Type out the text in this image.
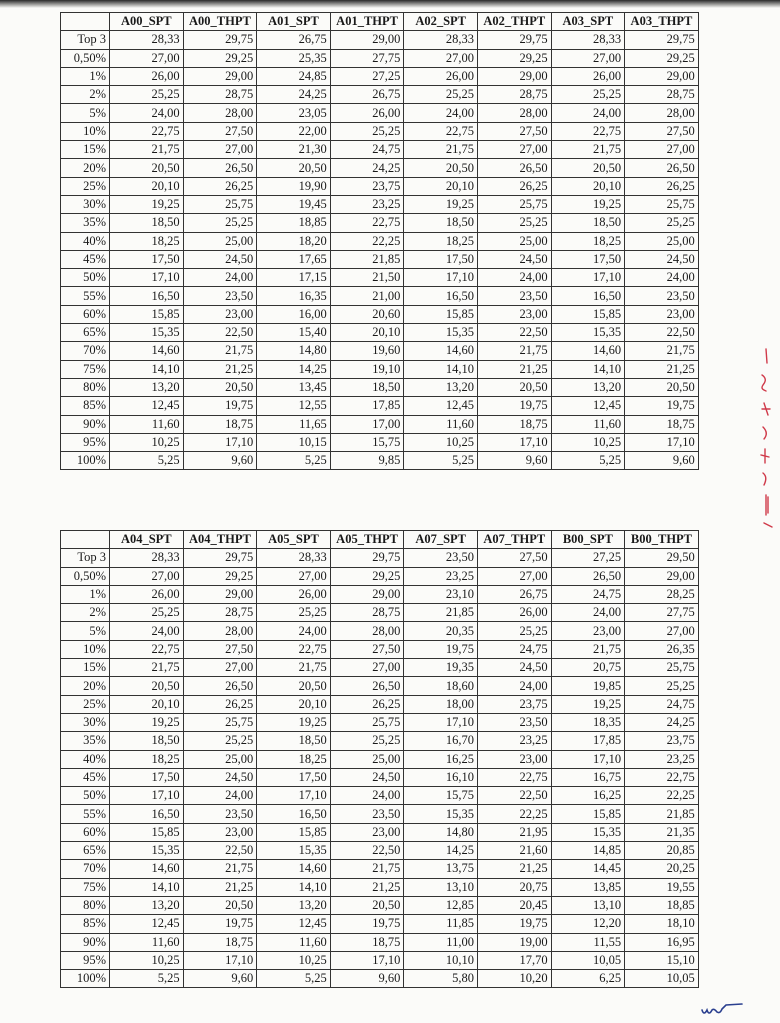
	A00_SPT	A00_THPT	A01_SPT	A01_THPT	A02_SPT	A02_THPT	A03_SPT	A03_THPT
Top 3	28,33	29,75	26,75	29,00	28,33	29,75	28,33	29,75
0,50%	27,00	29,25	25,35	27,75	27,00	29,25	27,00	29,25
1%	26,00	29,00	24,85	27,25	26,00	29,00	26,00	29,00
2%	25,25	28,75	24,25	26,75	25,25	28,75	25,25	28,75
5%	24,00	28,00	23,05	26,00	24,00	28,00	24,00	28,00
10%	22,75	27,50	22,00	25,25	22,75	27,50	22,75	27,50
15%	21,75	27,00	21,30	24,75	21,75	27,00	21,75	27,00
20%	20,50	26,50	20,50	24,25	20,50	26,50	20,50	26,50
25%	20,10	26,25	19,90	23,75	20,10	26,25	20,10	26,25
30%	19,25	25,75	19,45	23,25	19,25	25,75	19,25	25,75
35%	18,50	25,25	18,85	22,75	18,50	25,25	18,50	25,25
40%	18,25	25,00	18,20	22,25	18,25	25,00	18,25	25,00
45%	17,50	24,50	17,65	21,85	17,50	24,50	17,50	24,50
50%	17,10	24,00	17,15	21,50	17,10	24,00	17,10	24,00
55%	16,50	23,50	16,35	21,00	16,50	23,50	16,50	23,50
60%	15,85	23,00	16,00	20,60	15,85	23,00	15,85	23,00
65%	15,35	22,50	15,40	20,10	15,35	22,50	15,35	22,50
70%	14,60	21,75	14,80	19,60	14,60	21,75	14,60	21,75
75%	14,10	21,25	14,25	19,10	14,10	21,25	14,10	21,25
80%	13,20	20,50	13,45	18,50	13,20	20,50	13,20	20,50
85%	12,45	19,75	12,55	17,85	12,45	19,75	12,45	19,75
90%	11,60	18,75	11,65	17,00	11,60	18,75	11,60	18,75
95%	10,25	17,10	10,15	15,75	10,25	17,10	10,25	17,10
100%	5,25	9,60	5,25	9,85	5,25	9,60	5,25	9,60
	A04_SPT	A04_THPT	A05_SPT	A05_THPT	A07_SPT	A07_THPT	B00_SPT	B00_THPT
Top 3	28,33	29,75	28,33	29,75	23,50	27,50	27,25	29,50
0,50%	27,00	29,25	27,00	29,25	23,25	27,00	26,50	29,00
1%	26,00	29,00	26,00	29,00	23,10	26,75	24,75	28,25
2%	25,25	28,75	25,25	28,75	21,85	26,00	24,00	27,75
5%	24,00	28,00	24,00	28,00	20,35	25,25	23,00	27,00
10%	22,75	27,50	22,75	27,50	19,75	24,75	21,75	26,35
15%	21,75	27,00	21,75	27,00	19,35	24,50	20,75	25,75
20%	20,50	26,50	20,50	26,50	18,60	24,00	19,85	25,25
25%	20,10	26,25	20,10	26,25	18,00	23,75	19,25	24,75
30%	19,25	25,75	19,25	25,75	17,10	23,50	18,35	24,25
35%	18,50	25,25	18,50	25,25	16,70	23,25	17,85	23,75
40%	18,25	25,00	18,25	25,00	16,25	23,00	17,10	23,25
45%	17,50	24,50	17,50	24,50	16,10	22,75	16,75	22,75
50%	17,10	24,00	17,10	24,00	15,75	22,50	16,25	22,25
55%	16,50	23,50	16,50	23,50	15,35	22,25	15,85	21,85
60%	15,85	23,00	15,85	23,00	14,80	21,95	15,35	21,35
65%	15,35	22,50	15,35	22,50	14,25	21,60	14,85	20,85
70%	14,60	21,75	14,60	21,75	13,75	21,25	14,45	20,25
75%	14,10	21,25	14,10	21,25	13,10	20,75	13,85	19,55
80%	13,20	20,50	13,20	20,50	12,85	20,45	13,10	18,85
85%	12,45	19,75	12,45	19,75	11,85	19,75	12,20	18,10
90%	11,60	18,75	11,60	18,75	11,00	19,00	11,55	16,95
95%	10,25	17,10	10,25	17,10	10,10	17,70	10,05	15,10
100%	5,25	9,60	5,25	9,60	5,80	10,20	6,25	10,05
